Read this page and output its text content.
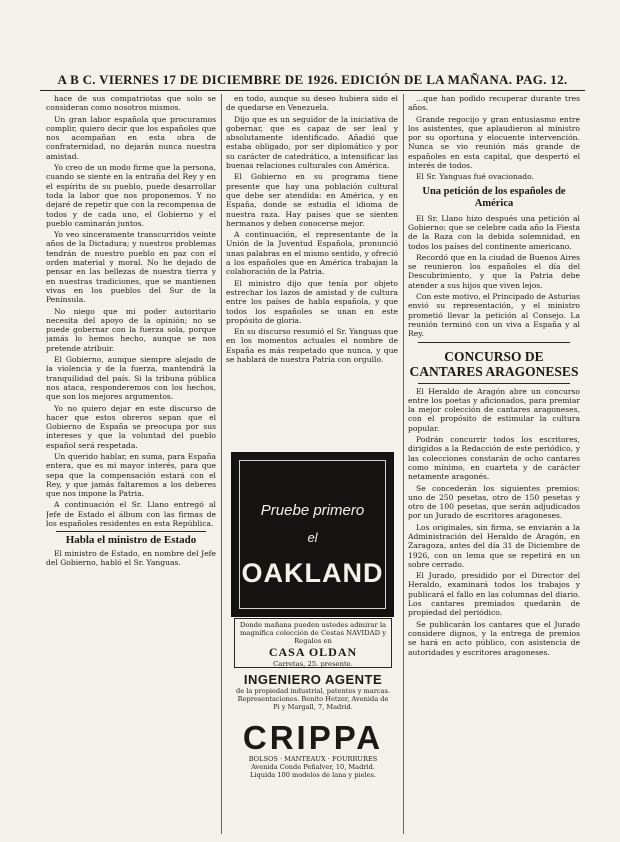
A B C. VIERNES 17 DE DICIEMBRE DE 1926. EDICIÓN DE LA MAÑANA. PAG. 12.

hace de sus compatriotas que solo se consideran como nosotros mismos.

Un gran labor española que procuramos complir, quiero decir que los españoles que nos acompañan en esta obra de confraternidad, no dejarán nunca nuestra amistad.

Yo creo de un modo firme que la persona, cuando se siente en la entraña del Rey y en el espíritu de su pueblo, puede desarrollar toda la labor que nos proponemos. Y no dejaré de repetir que con la recompensa de todos y de cada uno, el Gobierno y el pueblo caminarán juntos.

Yo veo sinceramente transcurridos veinte años de la Dictadura; y nuestros problemas tendrán de nuestro pueblo en paz con el orden material y moral. No he dejado de pensar en las bellezas de nuestra tierra y en nuestras tradiciones, que se mantienen vivas en los pueblos del Sur de la Península.

No niego que mi poder autoritario necesita del apoyo de la opinión; no se puede gobernar con la fuerza sola, porque jamás lo hemos hecho, aunque se nos pretende atribuir.

El Gobierno, aunque siempre alejado de la violencia y de la fuerza, mantendrá la tranquilidad del país. Si la tribuna pública nos ataca, responderemos con los hechos, que son los mejores argumentos.

Yo no quiero dejar en este discurso de hacer que estos obreros sepan que el Gobierno de España se preocupa por sus intereses y que la voluntad del pueblo español será respetada.

Un querido hablar, en suma, para España entera, que es mi mayor interés, para que sepa que la compensación estará con el Rey, y que jamás faltaremos a los deberes que nos impone la Patria.

A continuación el Sr. Llano entregó al Jefe de Estado el álbum con las firmas de los españoles residentes en esta República.

Habla el ministro de Estado

El ministro de Estado, en nombre del Jefe del Gobierno, habló el Sr. Yanguas.

en todo, aunque su deseo hubiera sido el de quedarse en Venezuela.

Dijo que es un seguidor de la iniciativa de gobernar, que es capaz de ser leal y absolutamente identificado. Añadió que estaba obligado, por ser diplomático y por su carácter de catedrático, a intensificar las buenas relaciones culturales con América.

El Gobierno en su programa tiene presente que hay una población cultural que debe ser atendida: en América, y en España, donde se estudia el idioma de nuestra raza. Hay países que se sienten hermanos y deben conocerse mejor.

A continuación, el representante de la Unión de la Juventud Española, pronunció unas palabras en el mismo sentido, y ofreció a los españoles que en América trabajan la colaboración de la Patria.

El ministro dijo que tenía por objeto estrechar los lazos de amistad y de cultura entre los países de habla española, y que todos los españoles se unan en este propósito de gloria.

En su discurso resumió el Sr. Yanguas que en los momentos actuales el nombre de España es más respetado que nunca, y que se hablará de nuestra Patria con orgullo.

Pruebe primero
el
OAKLAND
Donde mañana pueden ustedes admirar la magnífica colección de Cestas NAVIDAD y Regalos en
CASA OLDAN
Carretas, 25. presente.
INGENIERO AGENTE
de la propiedad industrial, patentes y marcas. Representaciones. Benito Hetzer, Avenida de Pi y Margall, 7, Madrid.
CRIPPA
BOLSOS · MANTEAUX · FOURRURES
Avenida Conde Peñalver, 10, Madrid.
Liquida 100 modelos de lana y pieles.

...que han podido recuperar durante tres años.

Grande regocijo y gran entusiasmo entre los asistentes, que aplaudieron al ministro por su oportuna y elocuente intervención. Nunca se vio reunión más grande de españoles en esta capital, que despertó el interés de todos.

El Sr. Yanguas fué ovacionado.

Una petición de los españoles de América

El Sr. Llano hizo después una petición al Gobierno: que se celebre cada año la Fiesta de la Raza con la debida solemnidad, en todos los países del continente americano.

Recordó que en la ciudad de Buenos Aires se reunieron los españoles el día del Descubrimiento, y que la Patria debe atender a sus hijos que viven lejos.

Con este motivo, el Principado de Asturias envió su representación, y el ministro prometió llevar la petición al Consejo. La reunión terminó con un viva a España y al Rey.

CONCURSO DE CANTARES ARAGONESES

El Heraldo de Aragón abre un concurso entre los poetas y aficionados, para premiar la mejor colección de cantares aragoneses, con el propósito de estimular la cultura popular.

Podrán concurrir todos los escritores, dirigidos a la Redacción de este periódico, y las colecciones constarán de ocho cantares como mínimo, en cuarteta y de carácter netamente aragonés.

Se concederán los siguientes premios: uno de 250 pesetas, otro de 150 pesetas y otro de 100 pesetas, que serán adjudicados por un Jurado de escritores aragoneses.

Los originales, sin firma, se enviarán a la Administración del Heraldo de Aragón, en Zaragoza, antes del día 31 de Diciembre de 1926, con un lema que se repetirá en un sobre cerrado.

El Jurado, presidido por el Director del Heraldo, examinará todos los trabajos y publicará el fallo en las columnas del diario. Los cantares premiados quedarán de propiedad del periódico.

Se publicarán los cantares que el Jurado considere dignos, y la entrega de premios se hará en acto público, con asistencia de autoridades y escritores aragoneses.
